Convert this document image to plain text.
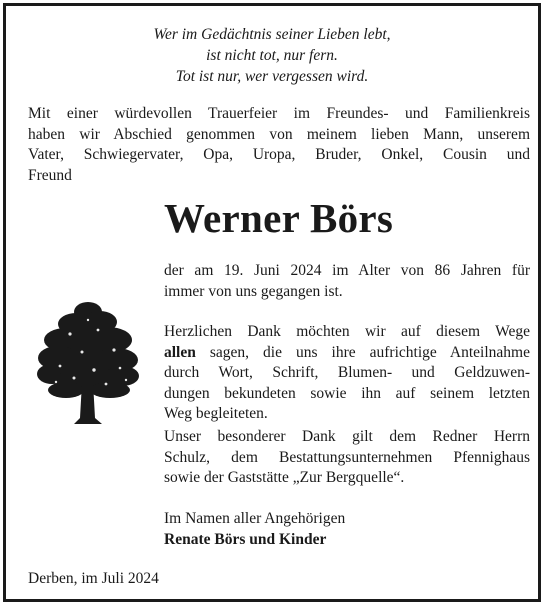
Wer im Gedächtnis seiner Lieben lebt,
ist nicht tot, nur fern.
Tot ist nur, wer vergessen wird.
Mit einer würdevollen Trauerfeier im Freundes- und Familienkreis
haben wir Abschied genommen von meinem lieben Mann, unserem
Vater, Schwiegervater, Opa, Uropa, Bruder, Onkel, Cousin und
Freund
Werner Börs
der am 19. Juni 2024 im Alter von 86 Jahren für
immer von uns gegangen ist.
Herzlichen Dank möchten wir auf diesem Wege
allen sagen, die uns ihre aufrichtige Anteilnahme
durch Wort, Schrift, Blumen- und Geldzuwen-
dungen bekundeten sowie ihn auf seinem letzten
Weg begleiteten.
Unser besonderer Dank gilt dem Redner Herrn
Schulz, dem Bestattungsunternehmen Pfennighaus
sowie der Gaststätte „Zur Bergquelle“.
Im Namen aller Angehörigen
Renate Börs und Kinder
Derben, im Juli 2024
